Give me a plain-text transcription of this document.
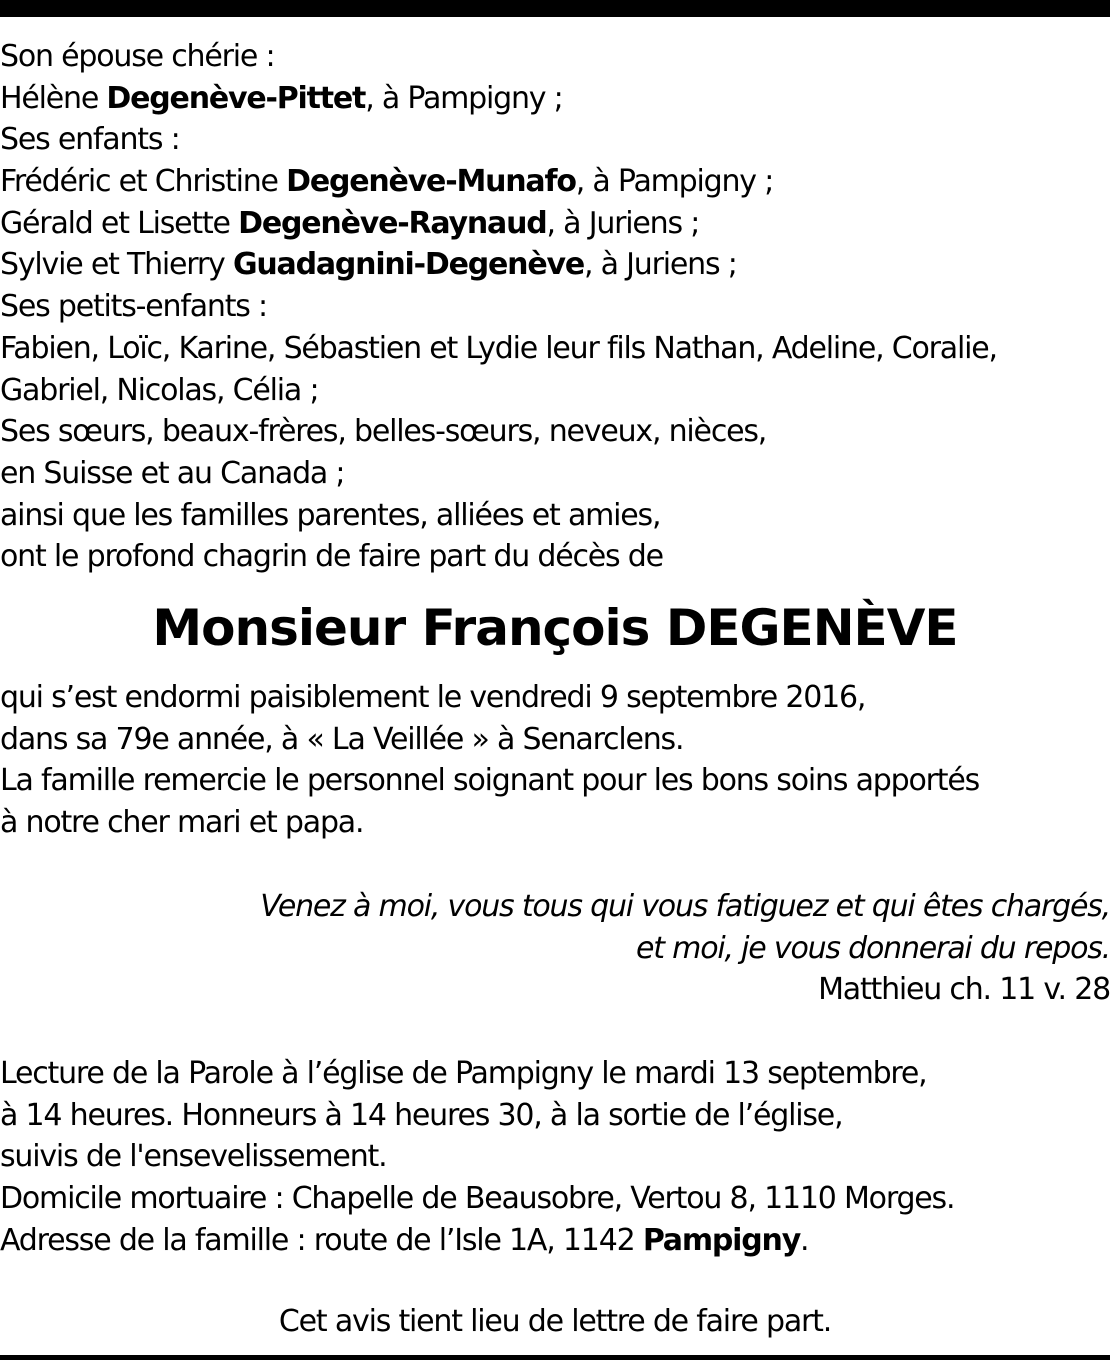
Son épouse chérie :
Hélène Degenève-Pittet, à Pampigny ;
Ses enfants :
Frédéric et Christine Degenève-Munafo, à Pampigny ;
Gérald et Lisette Degenève-Raynaud, à Juriens ;
Sylvie et Thierry Guadagnini-Degenève, à Juriens ;
Ses petits-enfants :
Fabien, Loïc, Karine, Sébastien et Lydie leur fils Nathan, Adeline, Coralie,
Gabriel, Nicolas, Célia ;
Ses sœurs, beaux-frères, belles-sœurs, neveux, nièces,
en Suisse et au Canada ;
ainsi que les familles parentes, alliées et amies,
ont le profond chagrin de faire part du décès de
Monsieur François DEGENÈVE
qui s’est endormi paisiblement le vendredi 9 septembre 2016,
dans sa 79e année, à « La Veillée » à Senarclens.
La famille remercie le personnel soignant pour les bons soins apportés
à notre cher mari et papa.
Venez à moi, vous tous qui vous fatiguez et qui êtes chargés,
et moi, je vous donnerai du repos.
Matthieu ch. 11 v. 28
Lecture de la Parole à l’église de Pampigny le mardi 13 septembre,
à 14 heures. Honneurs à 14 heures 30, à la sortie de l’église,
suivis de l'ensevelissement.
Domicile mortuaire : Chapelle de Beausobre, Vertou 8, 1110 Morges.
Adresse de la famille : route de l’Isle 1A, 1142 Pampigny.
Cet avis tient lieu de lettre de faire part.
